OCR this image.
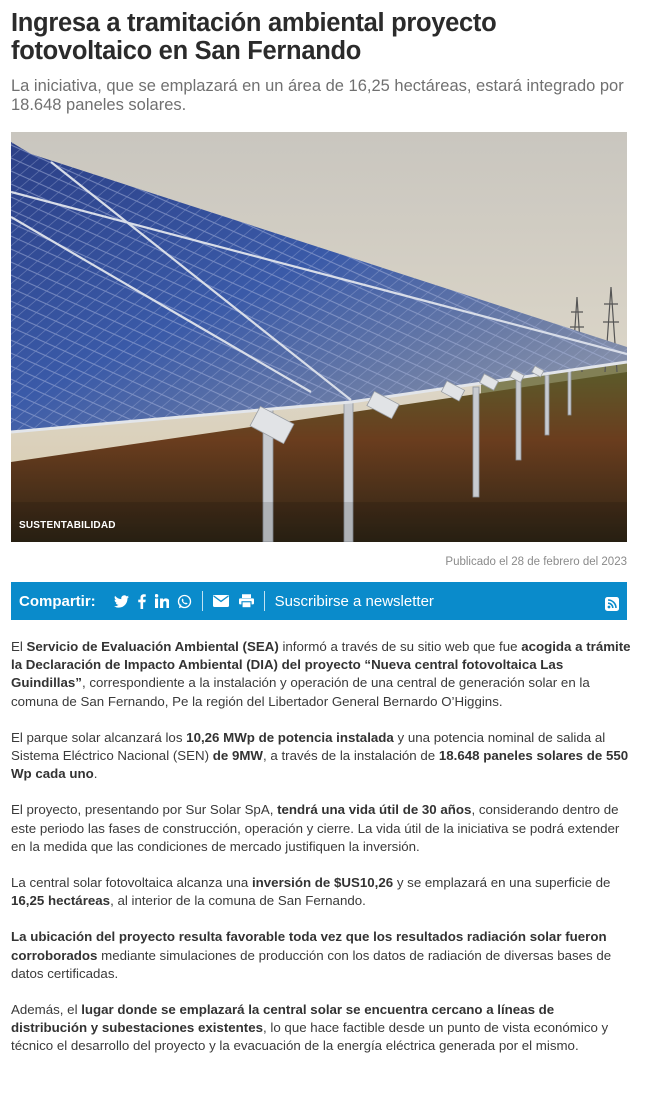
Ingresa a tramitación ambiental proyecto fotovoltaico en San Fernando

La iniciativa, que se emplazará en un área de 16,25 hectáreas, estará integrado por 18.648 paneles solares.

SUSTENTABILIDAD
Publicado el 28 de febrero del 2023
Compartir:	Suscribirse a newsletter

El Servicio de Evaluación Ambiental (SEA) informó a través de su sitio web que fue acogida a trámite la Declaración de Impacto Ambiental (DIA) del proyecto “Nueva central fotovoltaica Las Guindillas”, correspondiente a la instalación y operación de una central de generación solar en la comuna de San Fernando, Pe la región del Libertador General Bernardo O’Higgins.

El parque solar alcanzará los 10,26 MWp de potencia instalada y una potencia nominal de salida al Sistema Eléctrico Nacional (SEN) de 9MW, a través de la instalación de 18.648 paneles solares de 550 Wp cada uno.

El proyecto, presentando por Sur Solar SpA, tendrá una vida útil de 30 años, considerando dentro de este periodo las fases de construcción, operación y cierre. La vida útil de la iniciativa se podrá extender en la medida que las condiciones de mercado justifiquen la inversión.

La central solar fotovoltaica alcanza una inversión de $US10,26 y se emplazará en una superficie de 16,25 hectáreas, al interior de la comuna de San Fernando.

La ubicación del proyecto resulta favorable toda vez que los resultados radiación solar fueron corroborados mediante simulaciones de producción con los datos de radiación de diversas bases de datos certificadas.

Además, el lugar donde se emplazará la central solar se encuentra cercano a líneas de distribución y subestaciones existentes, lo que hace factible desde un punto de vista económico y técnico el desarrollo del proyecto y la evacuación de la energía eléctrica generada por el mismo.
